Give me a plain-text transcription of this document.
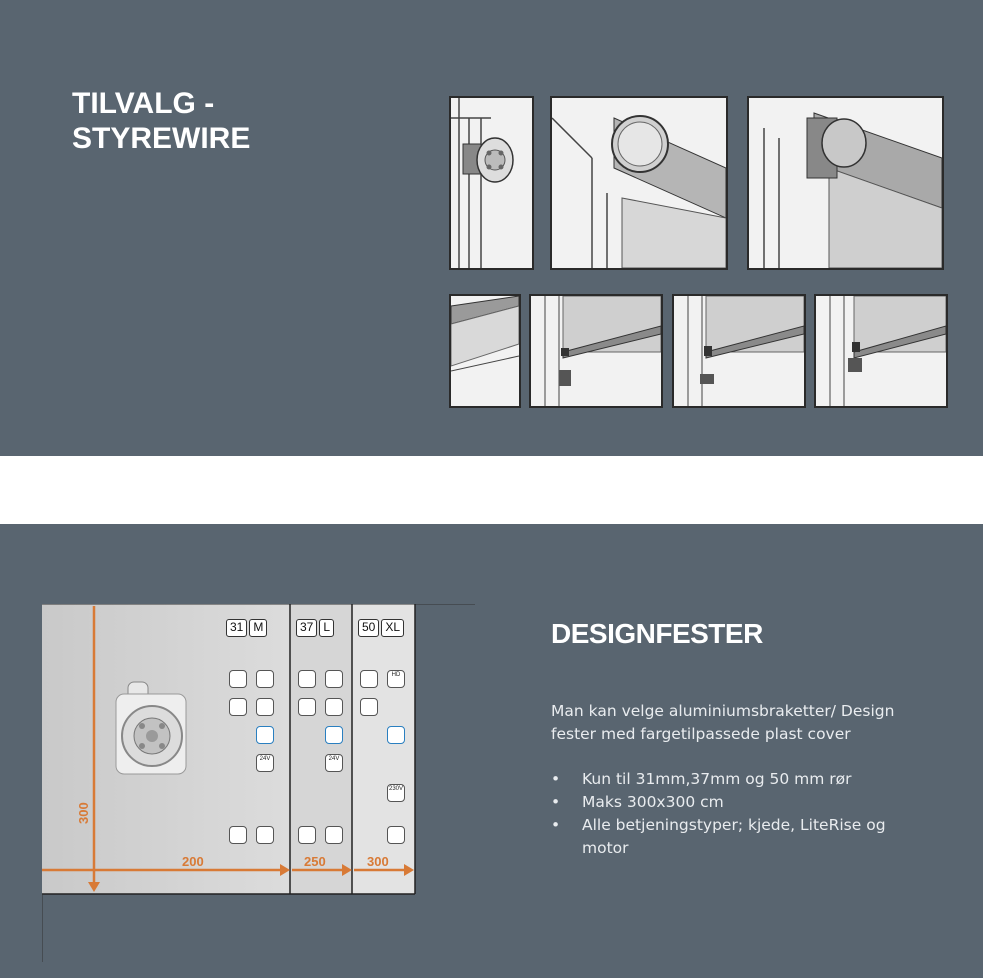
TILVALG -
STYREWIRE
31 M	37 L	50 XL
24V	24V
HD
230V
200	250	300
300
DESIGNFESTER

Man kan velge aluminiumsbraketter/ Design fester med fargetilpassede plast cover

• Kun til 31mm,37mm og 50 mm rør
• Maks 300x300 cm
• Alle betjeningstyper; kjede, LiteRise og motor
